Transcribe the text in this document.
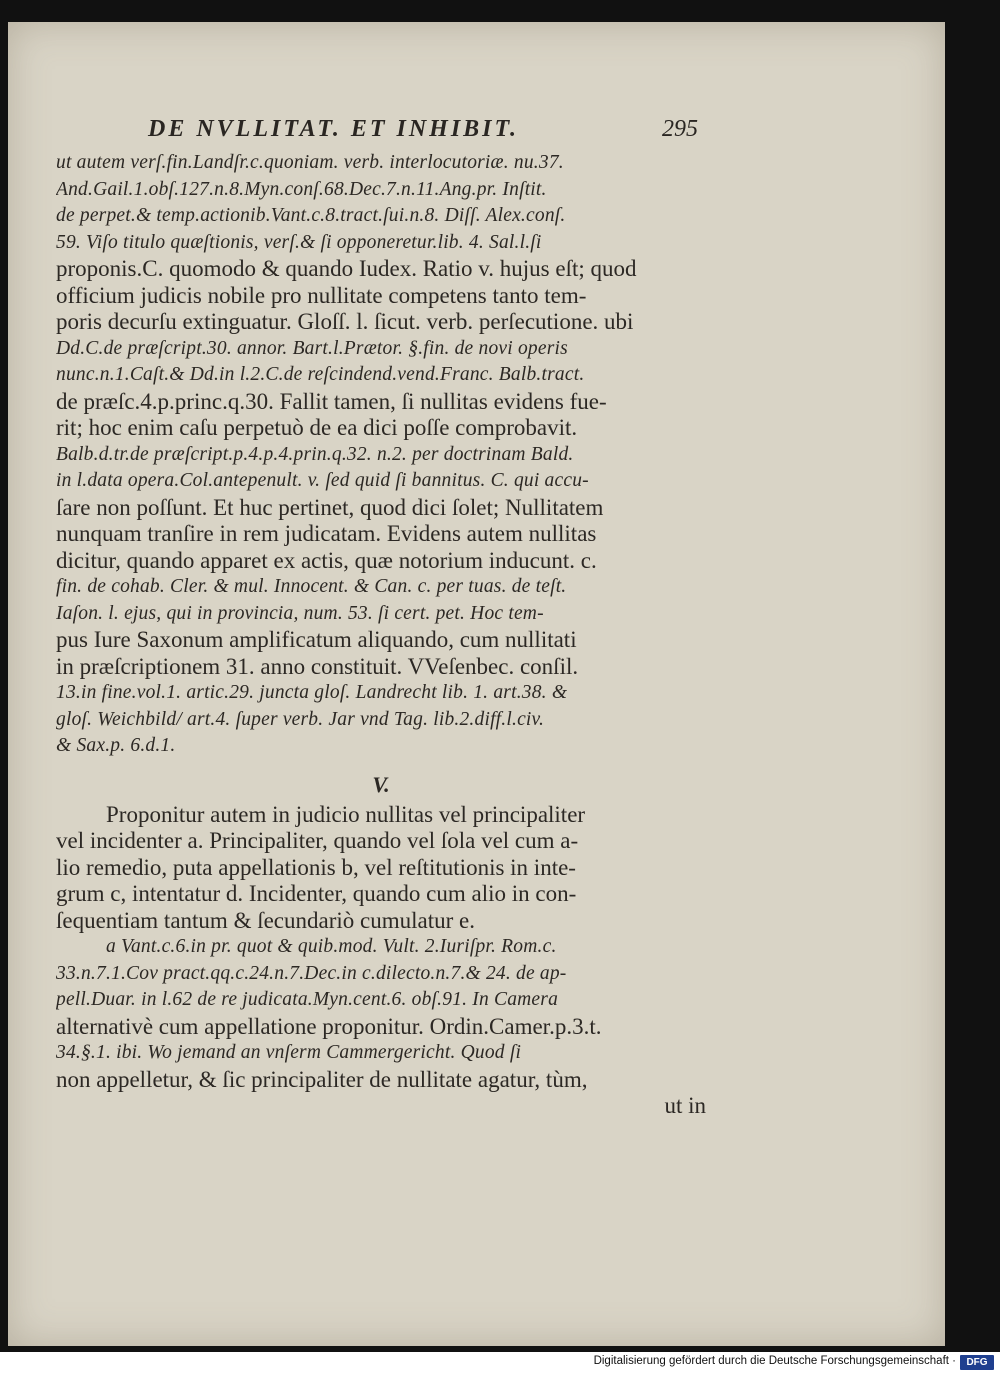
DE NVLLITAT. ET INHIBIT.	295
ut autem verſ.fin.Landſr.c.quoniam. verb. interlocutoriæ. nu.37.
And.Gail.1.obſ.127.n.8.Myn.conſ.68.Dec.7.n.11.Ang.pr. Inſtit.
de perpet.& temp.actionib.Vant.c.8.tract.ſui.n.8. Diſſ. Alex.conſ.
59. Viſo titulo quæſtionis, verſ.& ſi opponeretur.lib. 4. Sal.l.ſi
proponis.C. quomodo & quando Iudex. Ratio v. hujus eſt; quod
officium judicis nobile pro nullitate competens tanto tem-
poris decurſu extinguatur. Gloſſ. l. ſicut. verb. perſecutione. ubi
Dd.C.de præſcript.30. annor. Bart.l.Prætor. §.fin. de novi operis
nunc.n.1.Caſt.& Dd.in l.2.C.de reſcindend.vend.Franc. Balb.tract.
de præſc.4.p.princ.q.30. Fallit tamen, ſi nullitas evidens fue-
rit; hoc enim caſu perpetuò de ea dici poſſe comprobavit.
Balb.d.tr.de præſcript.p.4.p.4.prin.q.32. n.2. per doctrinam Bald.
in l.data opera.Col.antepenult. v. ſed quid ſi bannitus. C. qui accu-
ſare non poſſunt. Et huc pertinet, quod dici ſolet; Nullitatem
nunquam tranſire in rem judicatam. Evidens autem nullitas
dicitur, quando apparet ex actis, quæ notorium inducunt. c.
fin. de cohab. Cler. & mul. Innocent. & Can. c. per tuas. de teſt.
Iaſon. l. ejus, qui in provincia, num. 53. ſi cert. pet. Hoc tem-
pus Iure Saxonum amplificatum aliquando, cum nullitati
in præſcriptionem 31. anno constituit. VVeſenbec. conſil.
13.in fine.vol.1. artic.29. juncta gloſ. Landrecht lib. 1. art.38. &
gloſ. Weichbild/ art.4. ſuper verb. Jar vnd Tag. lib.2.diff.l.civ.
& Sax.p. 6.d.1.
V.
Proponitur autem in judicio nullitas vel principaliter
vel incidenter a. Principaliter, quando vel ſola vel cum a-
lio remedio, puta appellationis b, vel reſtitutionis in inte-
grum c, intentatur d. Incidenter, quando cum alio in con-
ſequentiam tantum & ſecundariò cumulatur e.
a Vant.c.6.in pr. quot & quib.mod. Vult. 2.Iuriſpr. Rom.c.
33.n.7.1.Cov pract.qq.c.24.n.7.Dec.in c.dilecto.n.7.& 24. de ap-
pell.Duar. in l.62 de re judicata.Myn.cent.6. obſ.91. In Camera
alternativè cum appellatione proponitur. Ordin.Camer.p.3.t.
34.§.1. ibi. Wo jemand an vnſerm Cammergericht. Quod ſi
non appelletur, & ſic principaliter de nullitate agatur, tùm,
ut in
Digitalisierung gefördert durch die Deutsche Forschungsgemeinschaft ·	DFG
